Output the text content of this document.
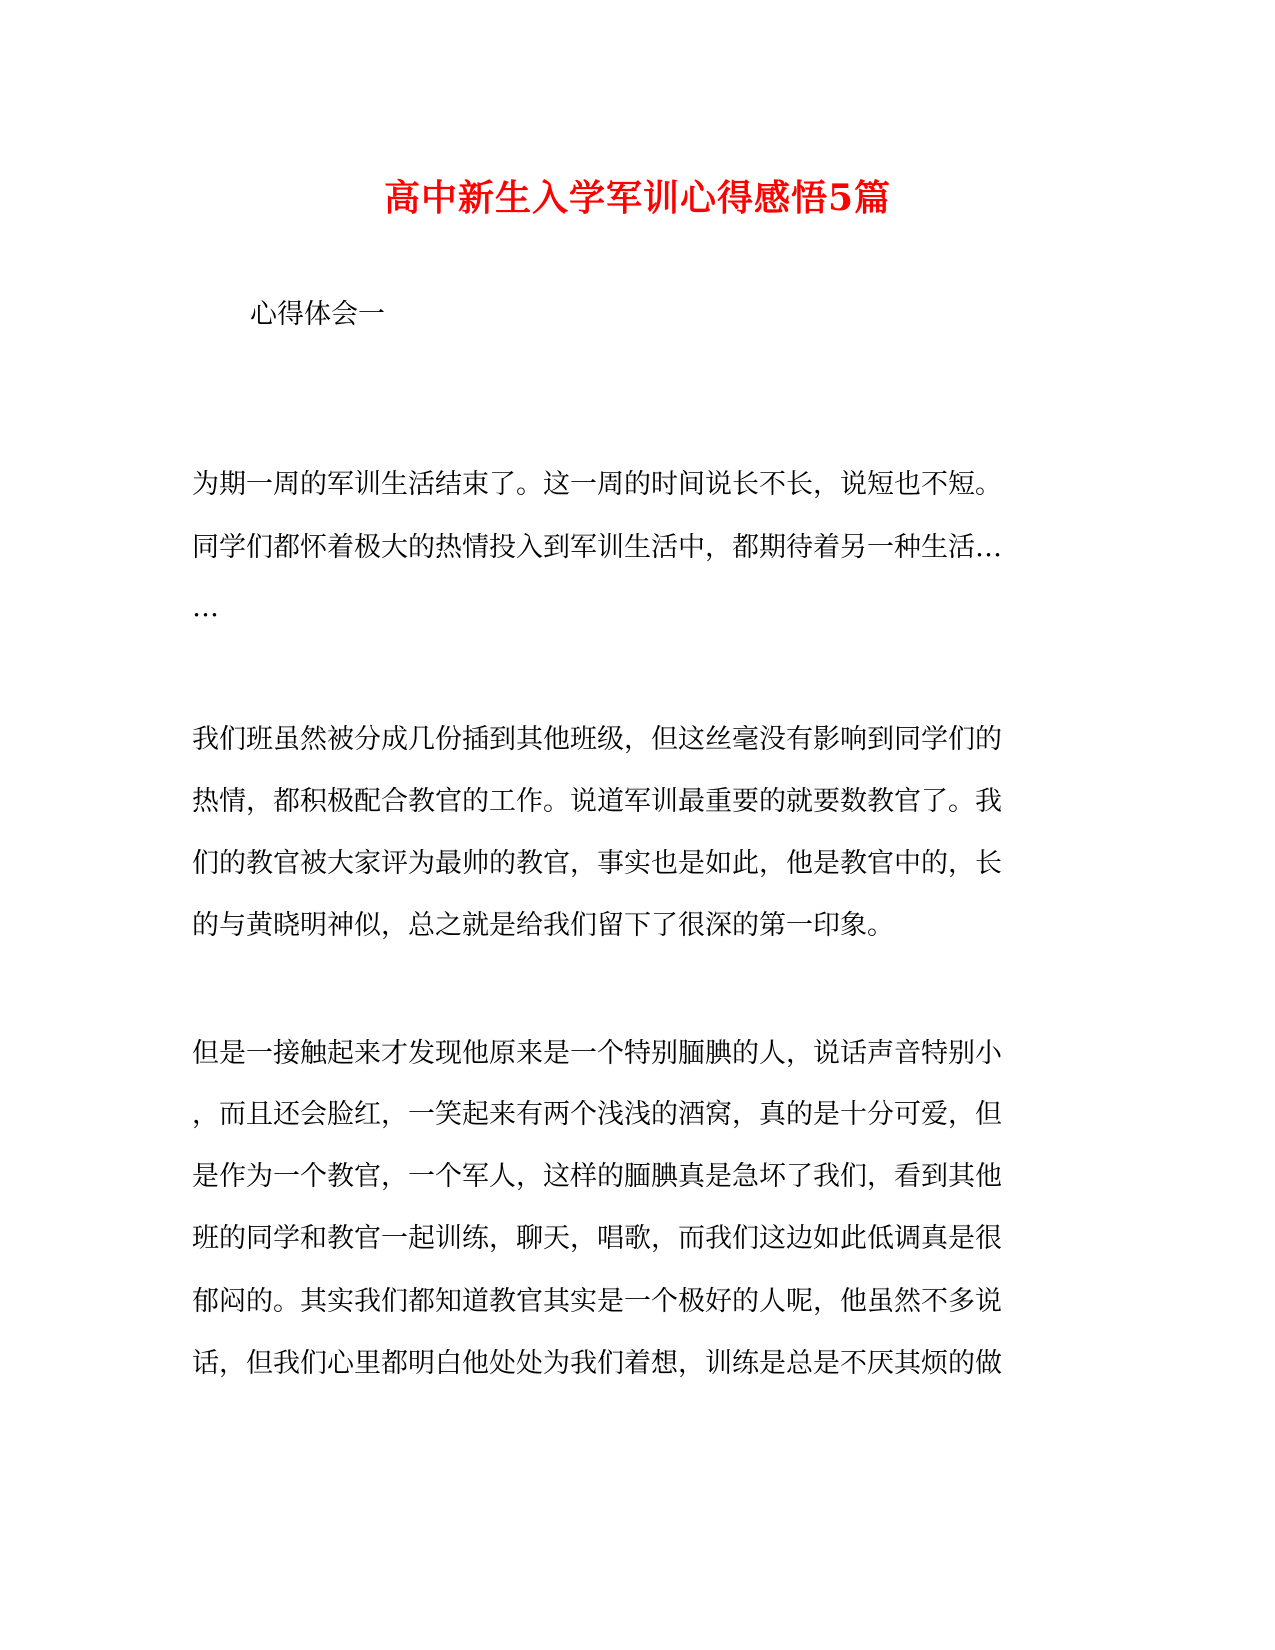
高中新生入学军训心得感悟5篇
心得体会一
为期一周的军训生活结束了。这一周的时间说长不长，说短也不短。
同学们都怀着极大的热情投入到军训生活中，都期待着另一种生活…
…
我们班虽然被分成几份插到其他班级，但这丝毫没有影响到同学们的
热情，都积极配合教官的工作。说道军训最重要的就要数教官了。我
们的教官被大家评为最帅的教官，事实也是如此，他是教官中的，长
的与黄晓明神似，总之就是给我们留下了很深的第一印象。
但是一接触起来才发现他原来是一个特别腼腆的人，说话声音特别小
，而且还会脸红，一笑起来有两个浅浅的酒窝，真的是十分可爱，但
是作为一个教官，一个军人，这样的腼腆真是急坏了我们，看到其他
班的同学和教官一起训练，聊天，唱歌，而我们这边如此低调真是很
郁闷的。其实我们都知道教官其实是一个极好的人呢，他虽然不多说
话，但我们心里都明白他处处为我们着想，训练是总是不厌其烦的做
